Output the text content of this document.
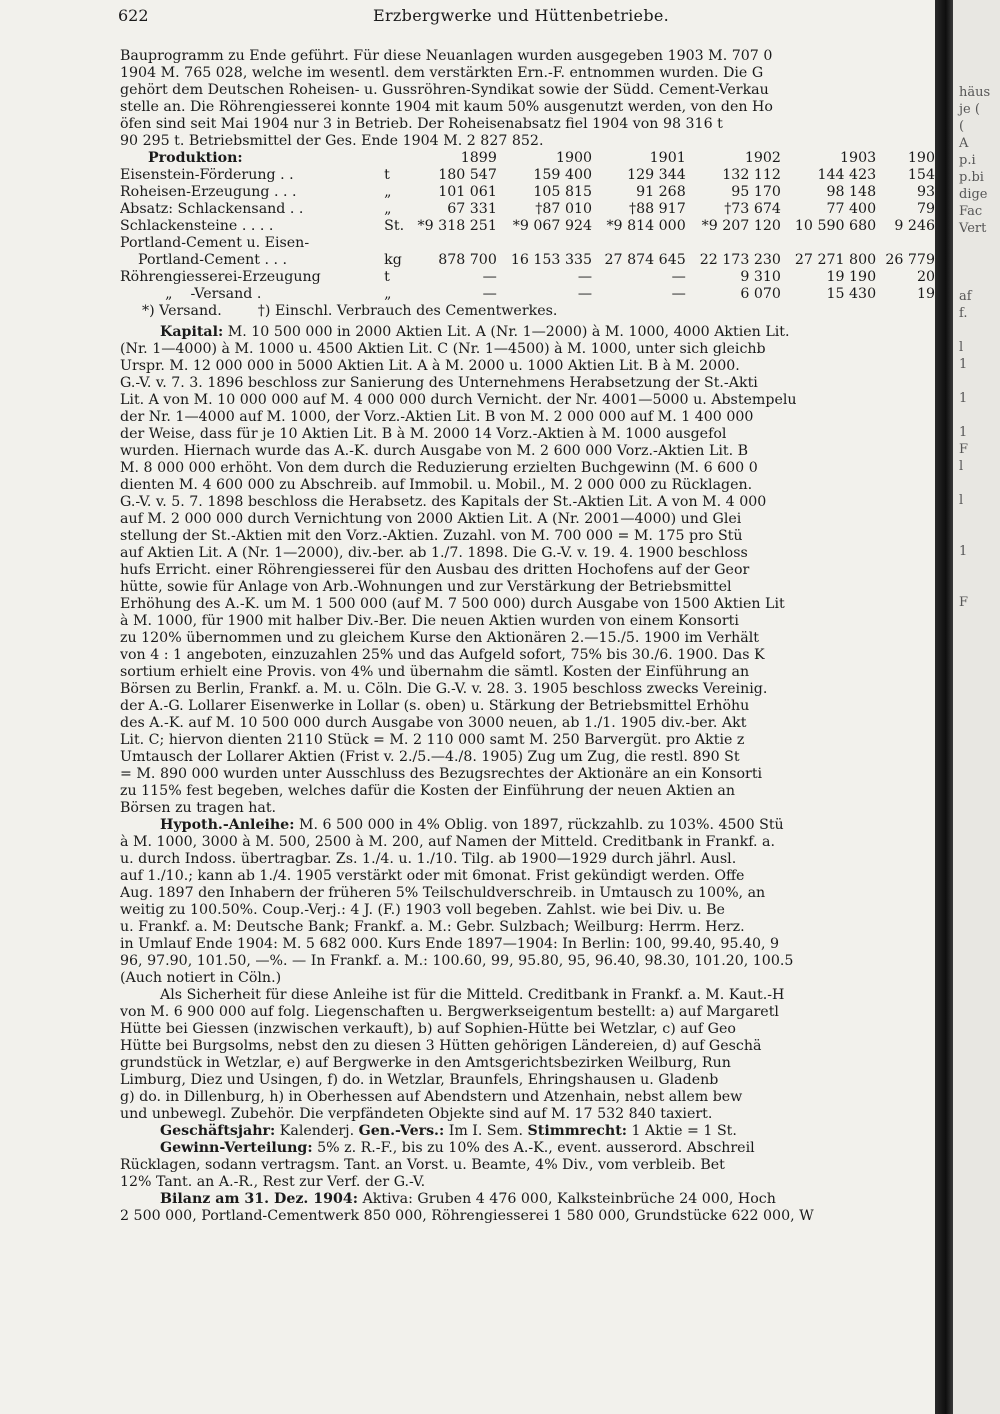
622	Erzbergwerke und Hüttenbetriebe.
Bauprogramm zu Ende geführt. Für diese Neuanlagen wurden ausgegeben 1903 M. 707 0
1904 M. 765 028, welche im wesentl. dem verstärkten Ern.-F. entnommen wurden. Die G
gehört dem Deutschen Roheisen- u. Gussröhren-Syndikat sowie der Südd. Cement-Verkau
stelle an. Die Röhrengiesserei konnte 1904 mit kaum 50% ausgenutzt werden, von den Ho
öfen sind seit Mai 1904 nur 3 in Betrieb. Der Roheisenabsatz fiel 1904 von 98 316 t
90 295 t. Betriebsmittel der Ges. Ende 1904 M. 2 827 852.
Produktion:		1899	1900	1901	1902	1903	190
Eisenstein-Förderung . .	t	180 547	159 400	129 344	132 112	144 423	154
Roheisen-Erzeugung . . .	„	101 061	105 815	91 268	95 170	98 148	93
Absatz: Schlackensand . .	„	67 331	†87 010	†88 917	†73 674	77 400	79
Schlackensteine . . . .	St.	*9 318 251	*9 067 924	*9 814 000	*9 207 120	10 590 680	9 246
Portland-Cement u. Eisen-							
Portland-Cement . . .	kg	878 700	16 153 335	27 874 645	22 173 230	27 271 800	26 779
Röhrengiesserei-Erzeugung	t	—	—	—	9 310	19 190	20
„    -Versand .	„	—	—	—	6 070	15 430	19
*) Versand.        †) Einschl. Verbrauch des Cementwerkes.
Kapital: M. 10 500 000 in 2000 Aktien Lit. A (Nr. 1—2000) à M. 1000, 4000 Aktien Lit.
(Nr. 1—4000) à M. 1000 u. 4500 Aktien Lit. C (Nr. 1—4500) à M. 1000, unter sich gleichb
Urspr. M. 12 000 000 in 5000 Aktien Lit. A à M. 2000 u. 1000 Aktien Lit. B à M. 2000.
G.-V. v. 7. 3. 1896 beschloss zur Sanierung des Unternehmens Herabsetzung der St.-Akti
Lit. A von M. 10 000 000 auf M. 4 000 000 durch Vernicht. der Nr. 4001—5000 u. Abstempelu
der Nr. 1—4000 auf M. 1000, der Vorz.-Aktien Lit. B von M. 2 000 000 auf M. 1 400 000
der Weise, dass für je 10 Aktien Lit. B à M. 2000 14 Vorz.-Aktien à M. 1000 ausgefol
wurden. Hiernach wurde das A.-K. durch Ausgabe von M. 2 600 000 Vorz.-Aktien Lit. B
M. 8 000 000 erhöht. Von dem durch die Reduzierung erzielten Buchgewinn (M. 6 600 0
dienten M. 4 600 000 zu Abschreib. auf Immobil. u. Mobil., M. 2 000 000 zu Rücklagen.
G.-V. v. 5. 7. 1898 beschloss die Herabsetz. des Kapitals der St.-Aktien Lit. A von M. 4 000
auf M. 2 000 000 durch Vernichtung von 2000 Aktien Lit. A (Nr. 2001—4000) und Glei
stellung der St.-Aktien mit den Vorz.-Aktien. Zuzahl. von M. 700 000 = M. 175 pro Stü
auf Aktien Lit. A (Nr. 1—2000), div.-ber. ab 1./7. 1898. Die G.-V. v. 19. 4. 1900 beschloss
hufs Erricht. einer Röhrengiesserei für den Ausbau des dritten Hochofens auf der Geor
hütte, sowie für Anlage von Arb.-Wohnungen und zur Verstärkung der Betriebsmittel
Erhöhung des A.-K. um M. 1 500 000 (auf M. 7 500 000) durch Ausgabe von 1500 Aktien Lit
à M. 1000, für 1900 mit halber Div.-Ber. Die neuen Aktien wurden von einem Konsorti
zu 120% übernommen und zu gleichem Kurse den Aktionären 2.—15./5. 1900 im Verhält
von 4 : 1 angeboten, einzuzahlen 25% und das Aufgeld sofort, 75% bis 30./6. 1900. Das K
sortium erhielt eine Provis. von 4% und übernahm die sämtl. Kosten der Einführung an
Börsen zu Berlin, Frankf. a. M. u. Cöln. Die G.-V. v. 28. 3. 1905 beschloss zwecks Vereinig.
der A.-G. Lollarer Eisenwerke in Lollar (s. oben) u. Stärkung der Betriebsmittel Erhöhu
des A.-K. auf M. 10 500 000 durch Ausgabe von 3000 neuen, ab 1./1. 1905 div.-ber. Akt
Lit. C; hiervon dienten 2110 Stück = M. 2 110 000 samt M. 250 Barvergüt. pro Aktie z
Umtausch der Lollarer Aktien (Frist v. 2./5.—4./8. 1905) Zug um Zug, die restl. 890 St
= M. 890 000 wurden unter Ausschluss des Bezugsrechtes der Aktionäre an ein Konsorti
zu 115% fest begeben, welches dafür die Kosten der Einführung der neuen Aktien an
Börsen zu tragen hat.
Hypoth.-Anleihe: M. 6 500 000 in 4% Oblig. von 1897, rückzahlb. zu 103%. 4500 Stü
à M. 1000, 3000 à M. 500, 2500 à M. 200, auf Namen der Mitteld. Creditbank in Frankf. a.
u. durch Indoss. übertragbar. Zs. 1./4. u. 1./10. Tilg. ab 1900—1929 durch jährl. Ausl.
auf 1./10.; kann ab 1./4. 1905 verstärkt oder mit 6monat. Frist gekündigt werden. Offe
Aug. 1897 den Inhabern der früheren 5% Teilschuldverschreib. in Umtausch zu 100%, an
weitig zu 100.50%. Coup.-Verj.: 4 J. (F.) 1903 voll begeben. Zahlst. wie bei Div. u. Be
u. Frankf. a. M: Deutsche Bank; Frankf. a. M.: Gebr. Sulzbach; Weilburg: Herrm. Herz.
in Umlauf Ende 1904: M. 5 682 000. Kurs Ende 1897—1904: In Berlin: 100, 99.40, 95.40, 9
96, 97.90, 101.50, —%. — In Frankf. a. M.: 100.60, 99, 95.80, 95, 96.40, 98.30, 101.20, 100.5
(Auch notiert in Cöln.)
Als Sicherheit für diese Anleihe ist für die Mitteld. Creditbank in Frankf. a. M. Kaut.-H
von M. 6 900 000 auf folg. Liegenschaften u. Bergwerkseigentum bestellt: a) auf Margaretl
Hütte bei Giessen (inzwischen verkauft), b) auf Sophien-Hütte bei Wetzlar, c) auf Geo
Hütte bei Burgsolms, nebst den zu diesen 3 Hütten gehörigen Ländereien, d) auf Geschä
grundstück in Wetzlar, e) auf Bergwerke in den Amtsgerichtsbezirken Weilburg, Run
Limburg, Diez und Usingen, f) do. in Wetzlar, Braunfels, Ehringshausen u. Gladenb
g) do. in Dillenburg, h) in Oberhessen auf Abendstern und Atzenhain, nebst allem bew
und unbewegl. Zubehör. Die verpfändeten Objekte sind auf M. 17 532 840 taxiert.
Geschäftsjahr: Kalenderj. Gen.-Vers.: Im I. Sem. Stimmrecht: 1 Aktie = 1 St.
Gewinn-Verteilung: 5% z. R.-F., bis zu 10% des A.-K., event. ausserord. Abschreil
Rücklagen, sodann vertragsm. Tant. an Vorst. u. Beamte, 4% Div., vom verbleib. Bet
12% Tant. an A.-R., Rest zur Verf. der G.-V.
Bilanz am 31. Dez. 1904: Aktiva: Gruben 4 476 000, Kalksteinbrüche 24 000, Hoch
2 500 000, Portland-Cementwerk 850 000, Röhrengiesserei 1 580 000, Grundstücke 622 000, W
häus
je (
(
A
p.i
p.bi
dige
Fac
Vert
af
f.
l
1
1
1
F
l
l
1
F
